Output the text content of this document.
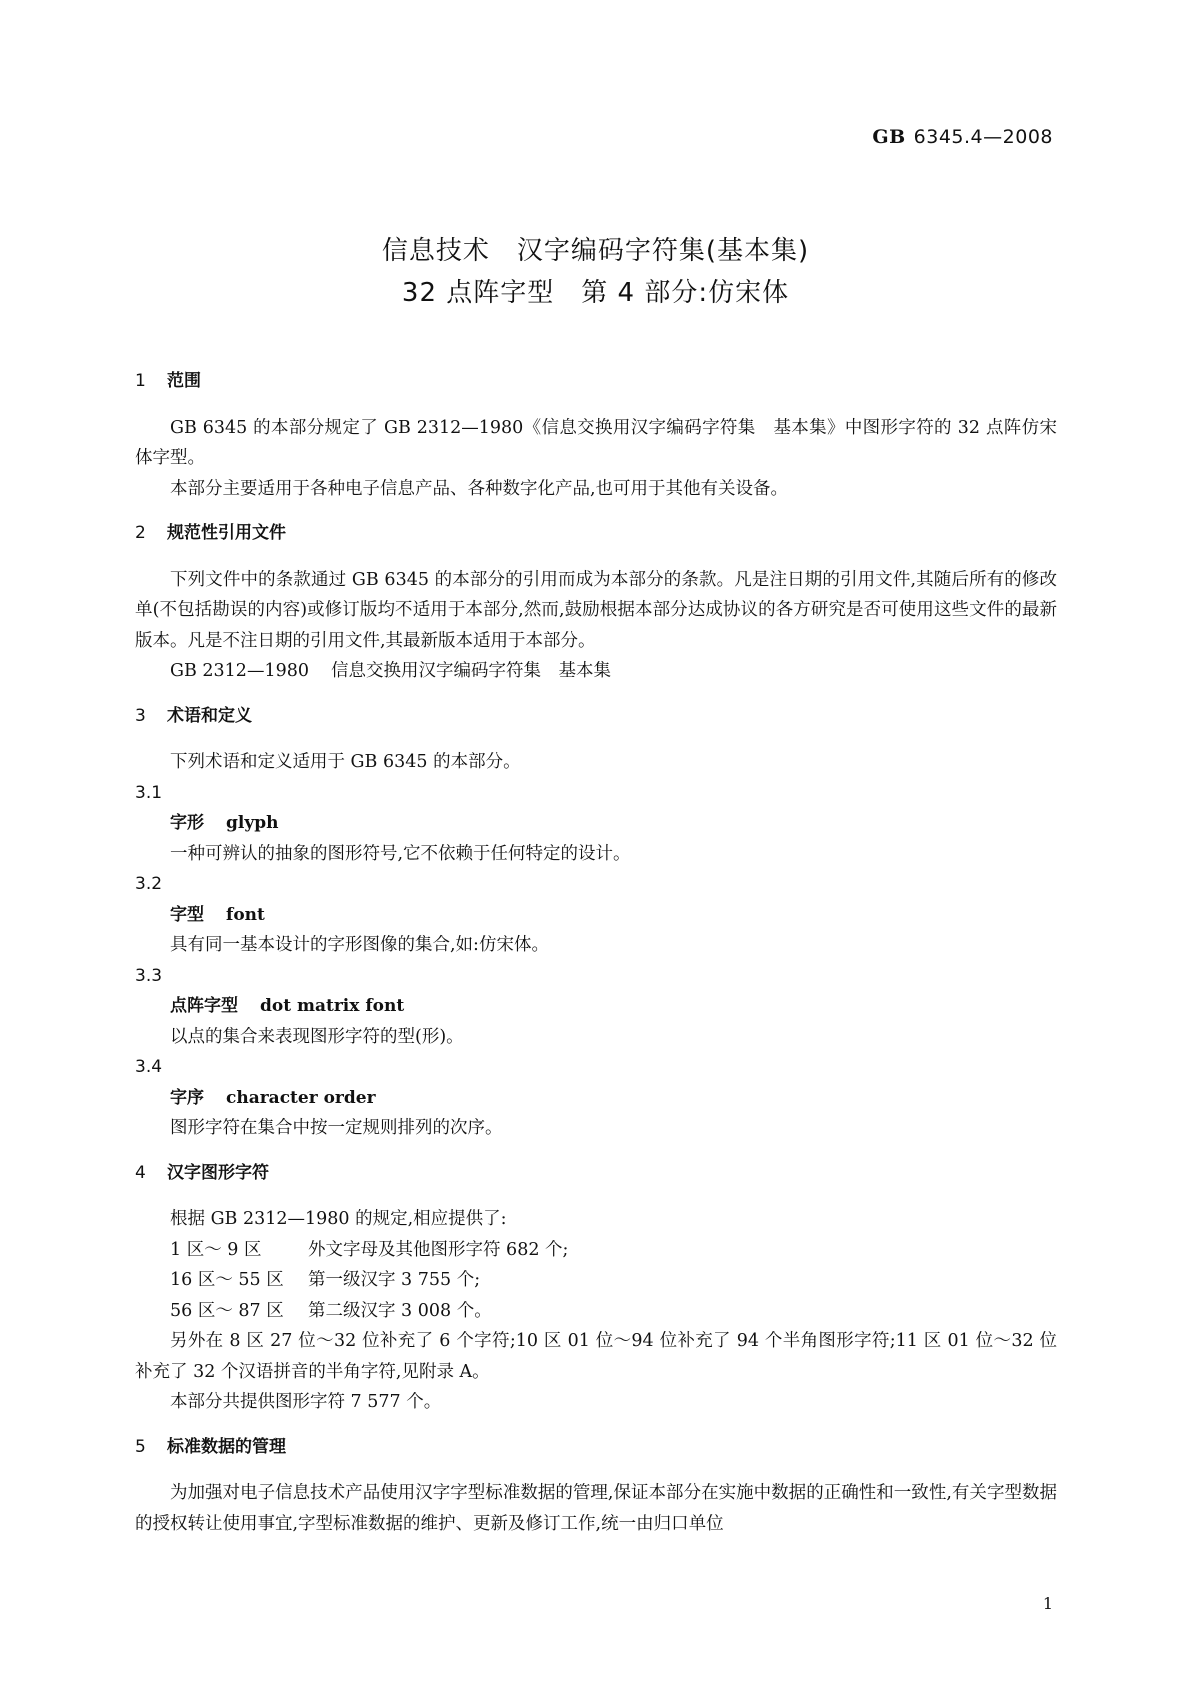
GB 6345.4—2008
信息技术　汉字编码字符集(基本集)
32 点阵字型　第 4 部分:仿宋体
1 范围

GB 6345 的本部分规定了 GB 2312—1980《信息交换用汉字编码字符集　基本集》中图形字符的 32 点阵仿宋体字型。

本部分主要适用于各种电子信息产品、各种数字化产品,也可用于其他有关设备。

2 规范性引用文件

下列文件中的条款通过 GB 6345 的本部分的引用而成为本部分的条款。凡是注日期的引用文件,其随后所有的修改单(不包括勘误的内容)或修订版均不适用于本部分,然而,鼓励根据本部分达成协议的各方研究是否可使用这些文件的最新版本。凡是不注日期的引用文件,其最新版本适用于本部分。

GB 2312—1980 信息交换用汉字编码字符集　基本集

3 术语和定义

下列术语和定义适用于 GB 6345 的本部分。

3.1
字形 glyph

一种可辨认的抽象的图形符号,它不依赖于任何特定的设计。

3.2
字型 font

具有同一基本设计的字形图像的集合,如:仿宋体。

3.3
点阵字型 dot matrix font

以点的集合来表现图形字符的型(形)。

3.4
字序 character order

图形字符在集合中按一定规则排列的次序。

4 汉字图形字符

根据 GB 2312—1980 的规定,相应提供了:

1 区～ 9 区	外文字母及其他图形字符 682 个;

16 区～ 55 区 第一级汉字 3 755 个;

56 区～ 87 区 第二级汉字 3 008 个。

另外在 8 区 27 位～32 位补充了 6 个字符;10 区 01 位～94 位补充了 94 个半角图形字符;11 区 01 位～32 位补充了 32 个汉语拼音的半角字符,见附录 A。

本部分共提供图形字符 7 577 个。

5 标准数据的管理

为加强对电子信息技术产品使用汉字字型标准数据的管理,保证本部分在实施中数据的正确性和一致性,有关字型数据的授权转让使用事宜,字型标准数据的维护、更新及修订工作,统一由归口单位

1
